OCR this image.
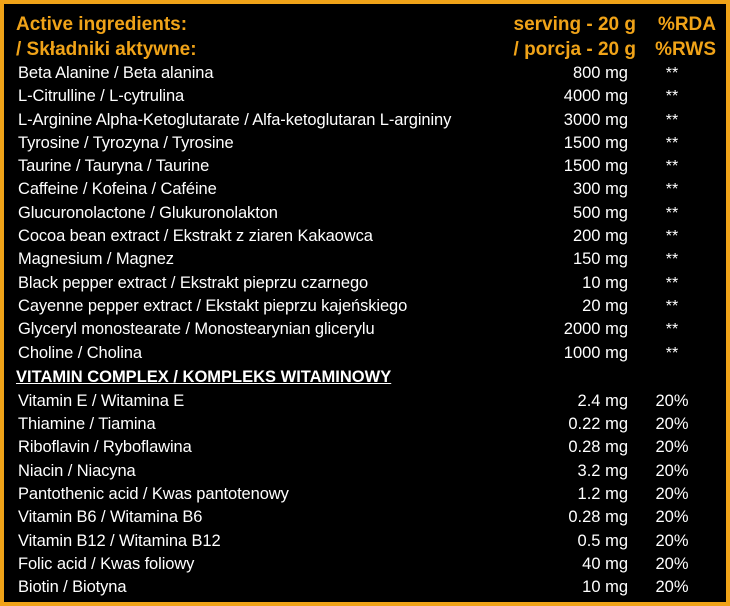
Active ingredients:	serving - 20 g	%RDA
/ Składniki aktywne:	/ porcja - 20 g	%RWS
Beta Alanine / Beta alanina	800 mg	**
L-Citrulline / L-cytrulina	4000 mg	**
L-Arginine Alpha-Ketoglutarate / Alfa-ketoglutaran L-argininy	3000 mg	**
Tyrosine / Tyrozyna / Tyrosine	1500 mg	**
Taurine / Tauryna / Taurine	1500 mg	**
Caffeine / Kofeina / Caféine	300 mg	**
Glucuronolactone / Glukuronolakton	500 mg	**
Cocoa bean extract / Ekstrakt z ziaren Kakaowca	200 mg	**
Magnesium / Magnez	150 mg	**
Black pepper extract / Ekstrakt pieprzu czarnego	10 mg	**
Cayenne pepper extract / Ekstakt pieprzu kajeńskiego	20 mg	**
Glyceryl monostearate / Monostearynian glicerylu	2000 mg	**
Choline / Cholina	1000 mg	**
VITAMIN COMPLEX / KOMPLEKS WITAMINOWY		
Vitamin E / Witamina E	2.4 mg	20%
Thiamine / Tiamina	0.22 mg	20%
Riboflavin / Ryboflawina	0.28 mg	20%
Niacin / Niacyna	3.2 mg	20%
Pantothenic acid / Kwas pantotenowy	1.2 mg	20%
Vitamin B6 / Witamina B6	0.28 mg	20%
Vitamin B12 / Witamina B12	0.5 mg	20%
Folic acid / Kwas foliowy	40 mg	20%
Biotin / Biotyna	10 mg	20%
